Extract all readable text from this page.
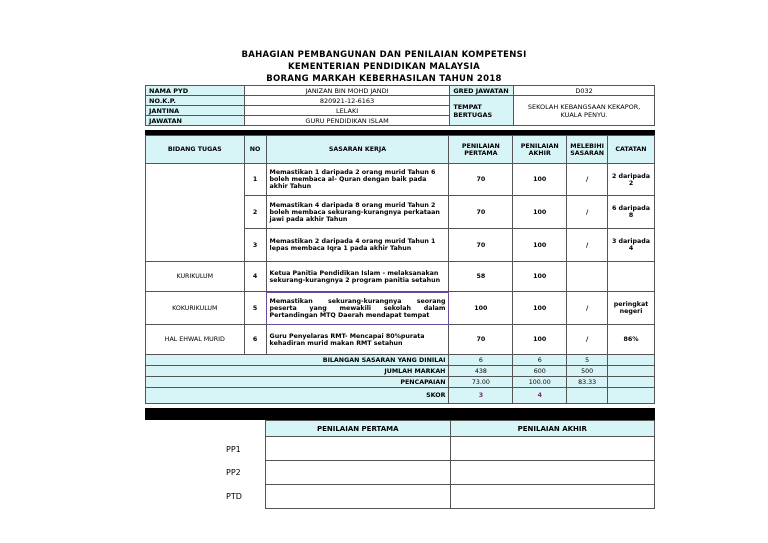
BAHAGIAN PEMBANGUNAN DAN PENILAIAN KOMPETENSI
KEMENTERIAN PENDIDIKAN MALAYSIA
BORANG MARKAH KEBERHASILAN TAHUN 2018
NAMA PYD	JANIZAN BIN MOHD JANDI	GRED JAWATAN	D032
NO.K.P.	820921-12-6163	TEMPAT BERTUGAS	SEKOLAH KEBANGSAAN KEKAPOR, KUALA PENYU.
JANTINA	LELAKI		
JAWATAN	GURU PENDIDIKAN ISLAM		
BIDANG TUGAS	NO	SASARAN KERJA	PENILAIAN PERTAMA	PENILAIAN AKHIR	MELEBIHI SASARAN	CATATAN
	1	Memastikan 1 daripada 2 orang murid Tahun 6 boleh membaca al- Quran dengan baik pada akhir Tahun	70	100	/	2 daripada 2
	2	Memastikan 4 daripada 8 orang murid Tahun 2 boleh membaca sekurang-kurangnya perkataan jawi pada akhir Tahun	70	100	/	6 daripada 8
	3	Memastikan 2 daripada 4 orang murid Tahun 1 lepas membaca Iqra 1 pada akhir Tahun	70	100	/	3 daripada 4
KURIKULUM	4	Ketua Panitia Pendidikan Islam - melaksanakan sekurang-kurangnya 2 program panitia setahun	58	100		
KOKURIKULUM	5	Memastikan sekurang-kurangnya seorang peserta yang mewakili sekolah dalam Pertandingan MTQ Daerah mendapat tempat	100	100	/	peringkat negeri
HAL EHWAL MURID	6	Guru Penyelaras RMT- Mencapai 80%purata kehadiran murid makan RMT setahun	70	100	/	86%
BILANGAN SASARAN YANG DINILAI			6	6	5	
JUMLAH MARKAH			438	600	500	
PENCAPAIAN			73.00	100.00	83.33	
SKOR			3	4		
PENILAIAN PERTAMA	PENILAIAN AKHIR

PP1
PP2
PTD
